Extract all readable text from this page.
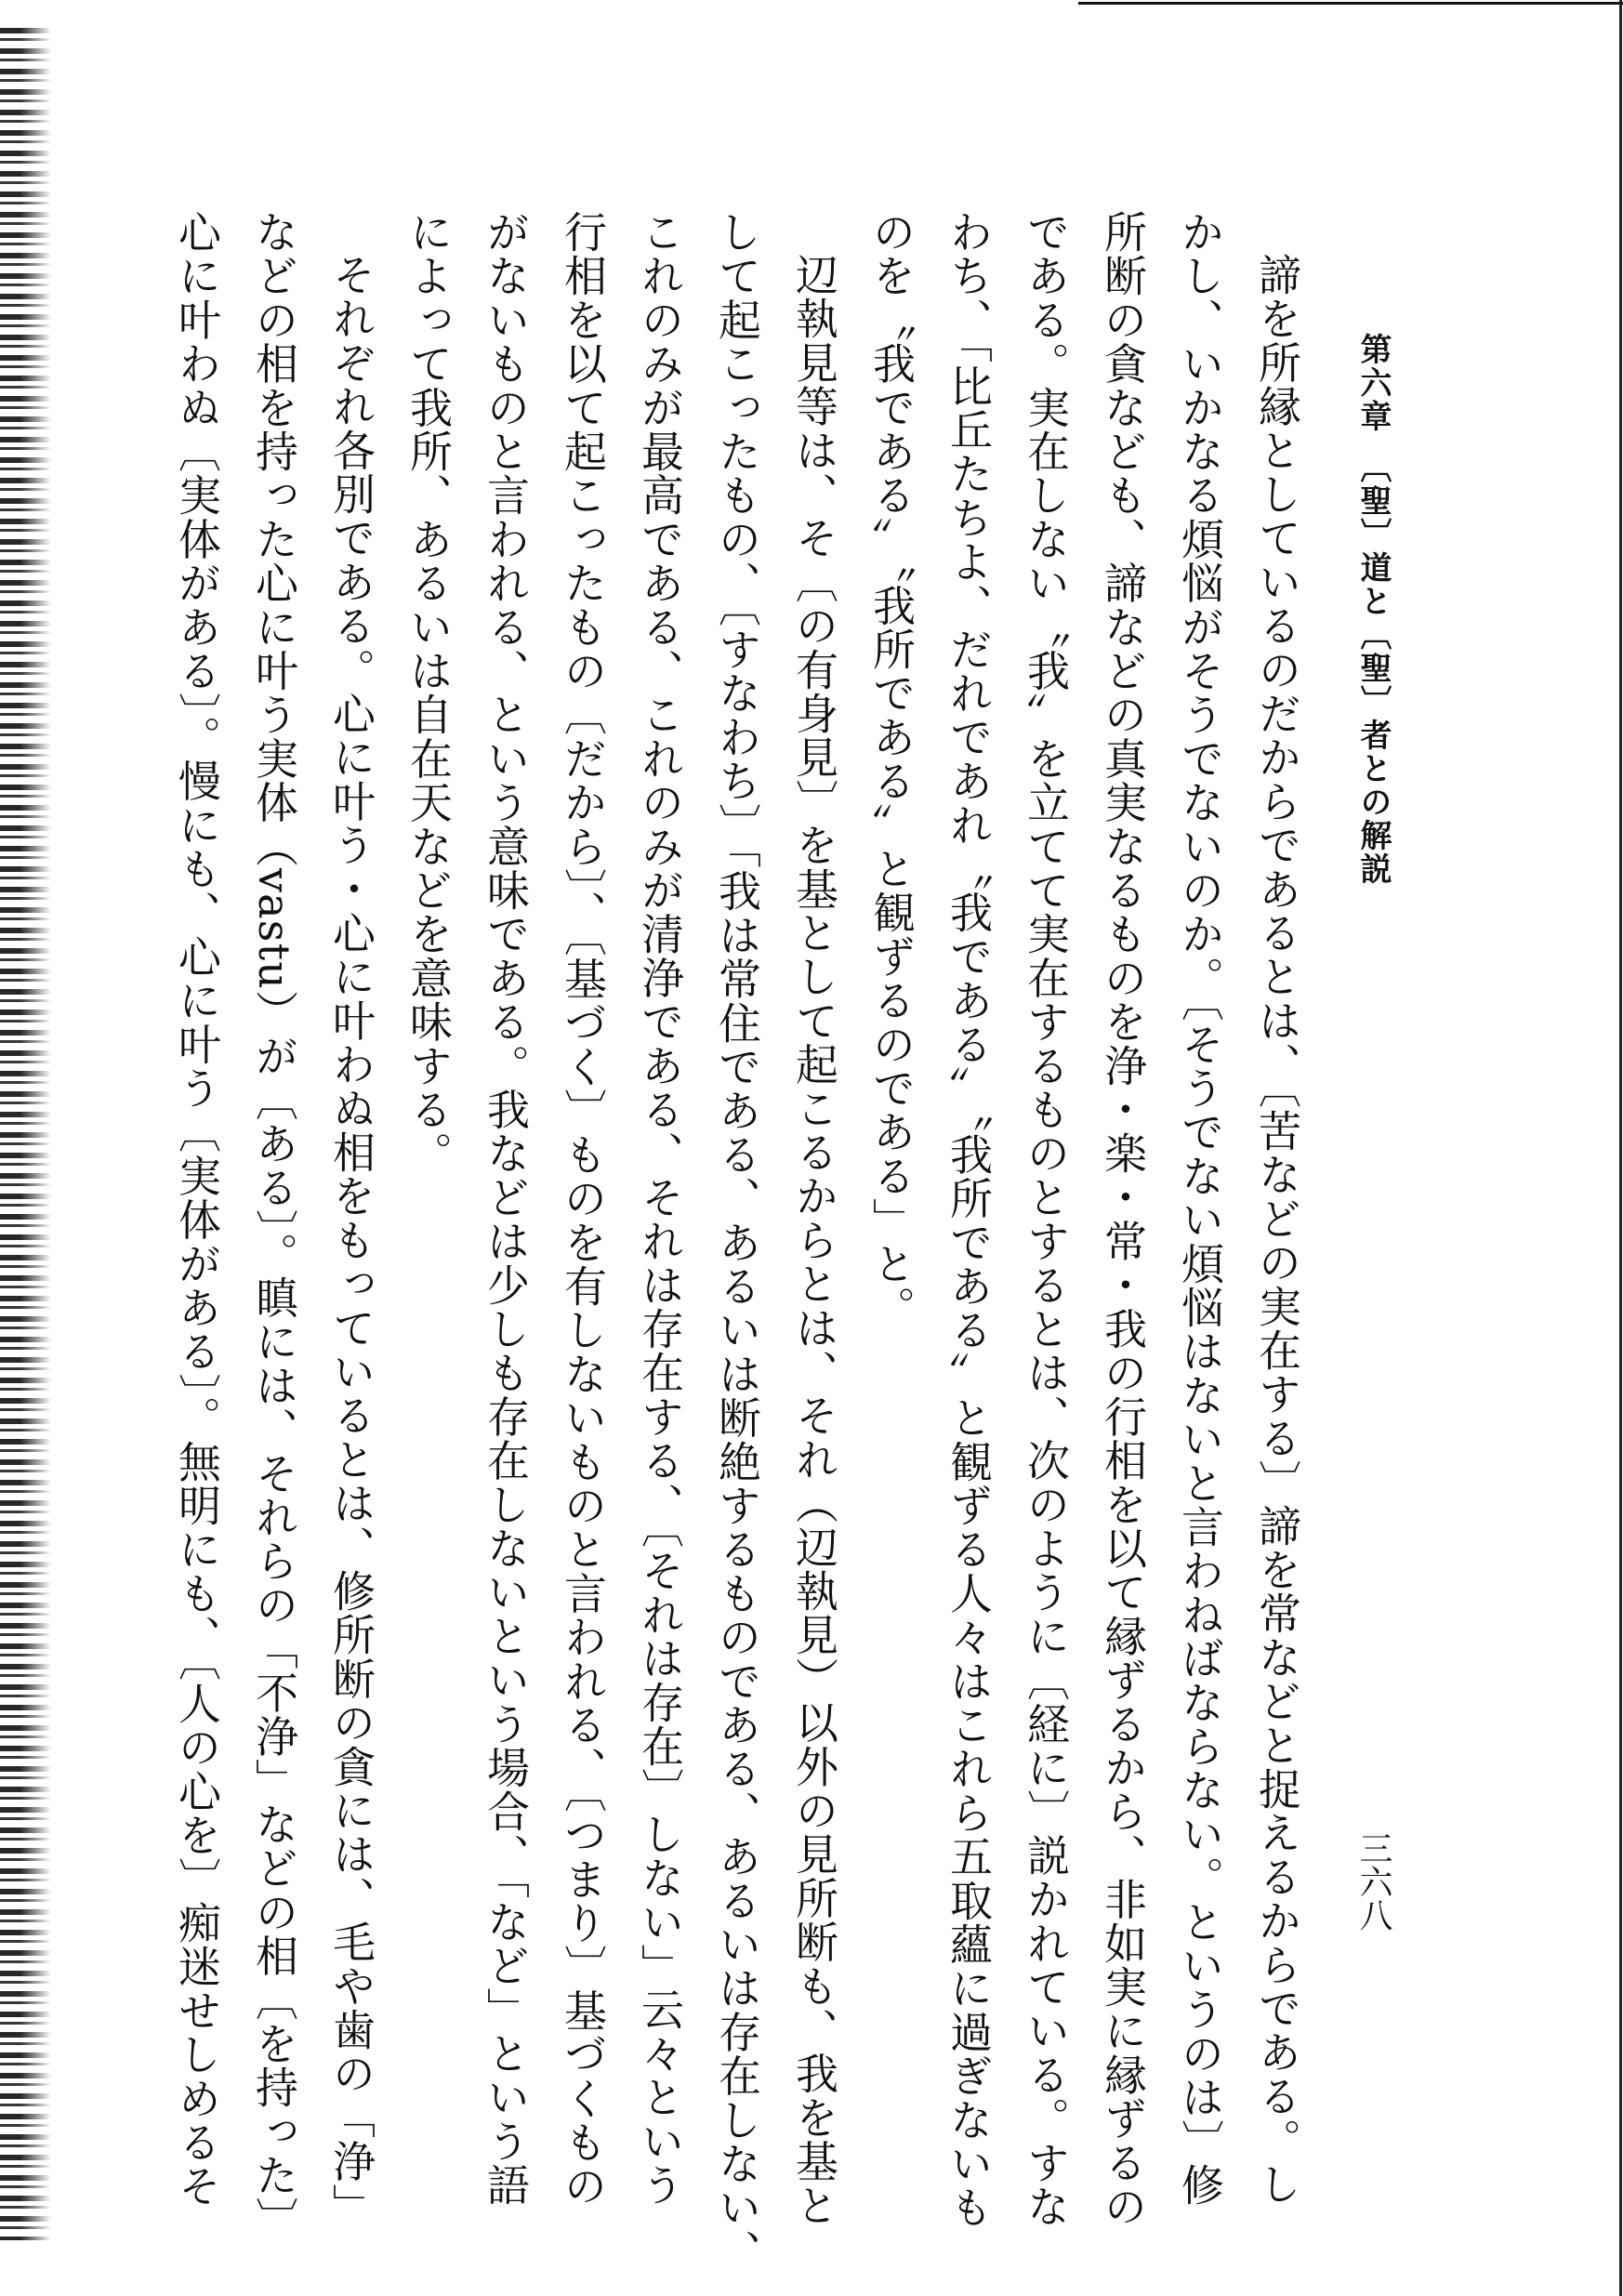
第六章　〔聖〕道と〔聖〕者との解説
三六八
諦を所縁としているのだからであるとは、〔苦などの実在する〕諦を常などと捉えるからである。し
かし、いかなる煩悩がそうでないのか。〔そうでない煩悩はないと言わねばならない。というのは〕修
所断の貪なども、諦などの真実なるものを浄・楽・常・我の行相を以て縁ずるから、非如実に縁ずるの
である。実在しない〝我〟を立てて実在するものとするとは、次のように〔経に〕説かれている。すな
わち、「比丘たちよ、だれであれ〝我である〟〝我所である〟と観ずる人々はこれら五取蘊に過ぎないも
のを〝我である〟〝我所である〟と観ずるのである」と。
辺執見等は、そ〔の有身見〕を基として起こるからとは、それ（辺執見）以外の見所断も、我を基と
して起こったもの、〔すなわち〕「我は常住である、あるいは断絶するものである、あるいは存在しない、
これのみが最高である、これのみが清浄である、それは存在する、〔それは存在〕しない」云々という
行相を以て起こったもの〔だから〕、〔基づく〕ものを有しないものと言われる、〔つまり〕基づくもの
がないものと言われる、という意味である。我などは少しも存在しないという場合、「など」という語
によって我所、あるいは自在天などを意味する。
それぞれ各別である。心に叶う・心に叶わぬ相をもっているとは、修所断の貪には、毛や歯の「浄」
などの相を持った心に叶う実体（vastu）が〔ある〕。瞋には、それらの「不浄」などの相〔を持った〕
心に叶わぬ〔実体がある〕。慢にも、心に叶う〔実体がある〕。無明にも、〔人の心を〕痴迷せしめるそ
